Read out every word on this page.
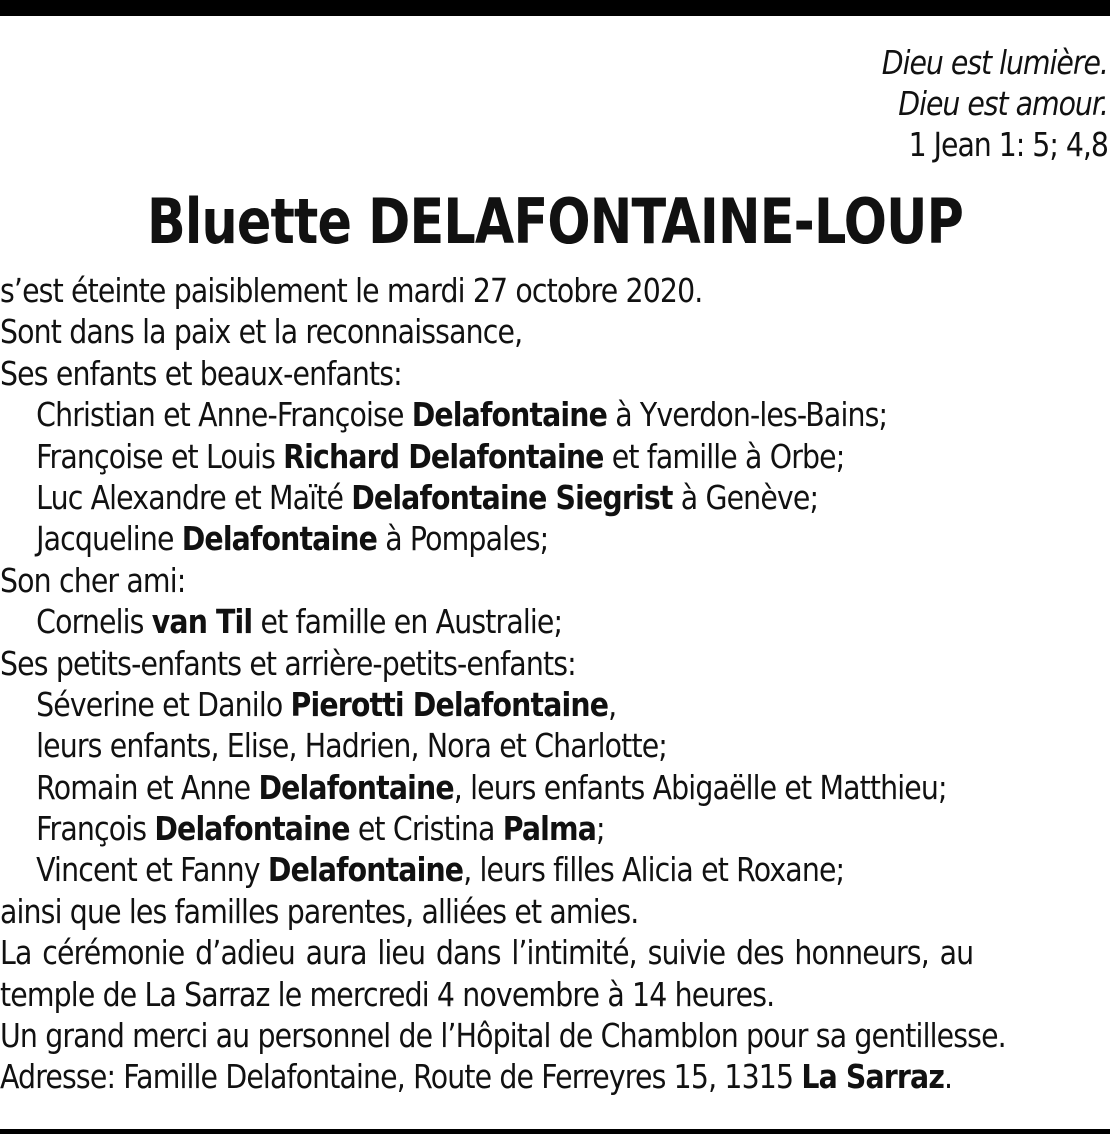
Dieu est lumière.
Dieu est amour.
1 Jean 1: 5; 4,8
Bluette DELAFONTAINE-LOUP
s’est éteinte paisiblement le mardi 27 octobre 2020.
Sont dans la paix et la reconnaissance,
Ses enfants et beaux-enfants:
Christian et Anne-Françoise Delafontaine à Yverdon-les-Bains;
Françoise et Louis Richard Delafontaine et famille à Orbe;
Luc Alexandre et Maïté Delafontaine Siegrist à Genève;
Jacqueline Delafontaine à Pompales;
Son cher ami:
Cornelis van Til et famille en Australie;
Ses petits-enfants et arrière-petits-enfants:
Séverine et Danilo Pierotti Delafontaine,
leurs enfants, Elise, Hadrien, Nora et Charlotte;
Romain et Anne Delafontaine, leurs enfants Abigaëlle et Matthieu;
François Delafontaine et Cristina Palma;
Vincent et Fanny Delafontaine, leurs filles Alicia et Roxane;
ainsi que les familles parentes, alliées et amies.
La cérémonie d’adieu aura lieu dans l’intimité, suivie des honneurs, au
temple de La Sarraz le mercredi 4 novembre à 14 heures.
Un grand merci au personnel de l’Hôpital de Chamblon pour sa gentillesse.
Adresse: Famille Delafontaine, Route de Ferreyres 15, 1315 La Sarraz.
